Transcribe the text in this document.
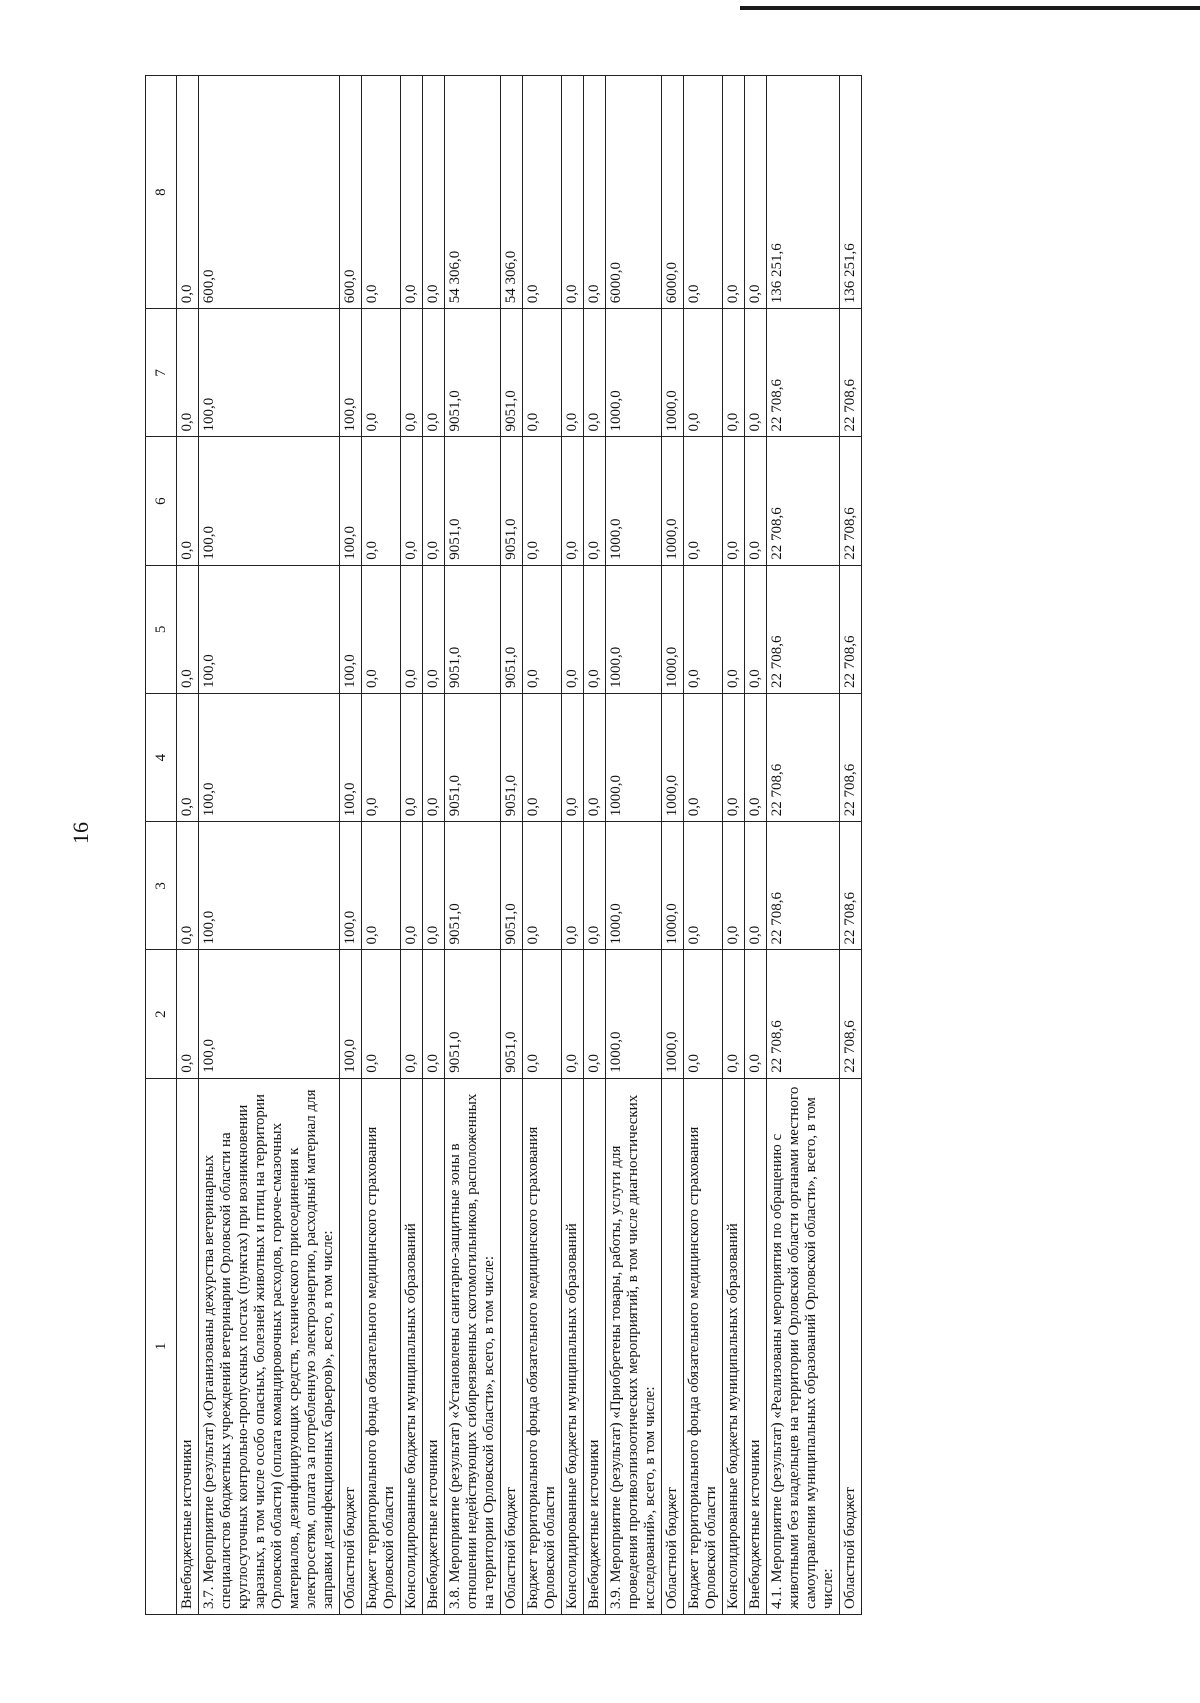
16
1	2	3	4	5	6	7	8
Внебюджетные источники	0,0	0,0	0,0	0,0	0,0	0,0	0,0
3.7. Мероприятие (результат) «Организованы дежурства ветеринарных специалистов бюджетных учреждений ветеринарии Орловской области на круглосуточных контрольно-пропускных постах (пунктах) при возникновении заразных, в том числе особо опасных, болезней животных и птиц на территории Орловской области) (оплата командировочных расходов, горюче-смазочных материалов, дезинфицирующих средств, технического присоединения к электросетям, оплата за потребленную электроэнергию, расходный материал для заправки дезинфекционных барьеров)», всего, в том числе:	100,0	100,0	100,0	100,0	100,0	100,0	600,0
Областной бюджет	100,0	100,0	100,0	100,0	100,0	100,0	600,0
Бюджет территориального фонда обязательного медицинского страхования Орловской области	0,0	0,0	0,0	0,0	0,0	0,0	0,0
Консолидированные бюджеты муниципальных образований	0,0	0,0	0,0	0,0	0,0	0,0	0,0
Внебюджетные источники	0,0	0,0	0,0	0,0	0,0	0,0	0,0
3.8. Мероприятие (результат) «Установлены санитарно-защитные зоны в отношении недействующих сибиреязвенных скотомогильников, расположенных на территории Орловской области», всего, в том числе:	9051,0	9051,0	9051,0	9051,0	9051,0	9051,0	54 306,0
Областной бюджет	9051,0	9051,0	9051,0	9051,0	9051,0	9051,0	54 306,0
Бюджет территориального фонда обязательного медицинского страхования Орловской области	0,0	0,0	0,0	0,0	0,0	0,0	0,0
Консолидированные бюджеты муниципальных образований	0,0	0,0	0,0	0,0	0,0	0,0	0,0
Внебюджетные источники	0,0	0,0	0,0	0,0	0,0	0,0	0,0
3.9. Мероприятие (результат) «Приобретены товары, работы, услуги для проведения противоэпизоотических мероприятий, в том числе диагностических исследований», всего, в том числе:	1000,0	1000,0	1000,0	1000,0	1000,0	1000,0	6000,0
Областной бюджет	1000,0	1000,0	1000,0	1000,0	1000,0	1000,0	6000,0
Бюджет территориального фонда обязательного медицинского страхования Орловской области	0,0	0,0	0,0	0,0	0,0	0,0	0,0
Консолидированные бюджеты муниципальных образований	0,0	0,0	0,0	0,0	0,0	0,0	0,0
Внебюджетные источники	0,0	0,0	0,0	0,0	0,0	0,0	0,0
4.1. Мероприятие (результат) «Реализованы мероприятия по обращению с животными без владельцев на территории Орловской области органами местного самоуправления муниципальных образований Орловской области», всего, в том числе:	22 708,6	22 708,6	22 708,6	22 708,6	22 708,6	22 708,6	136 251,6
Областной бюджет	22 708,6	22 708,6	22 708,6	22 708,6	22 708,6	22 708,6	136 251,6
